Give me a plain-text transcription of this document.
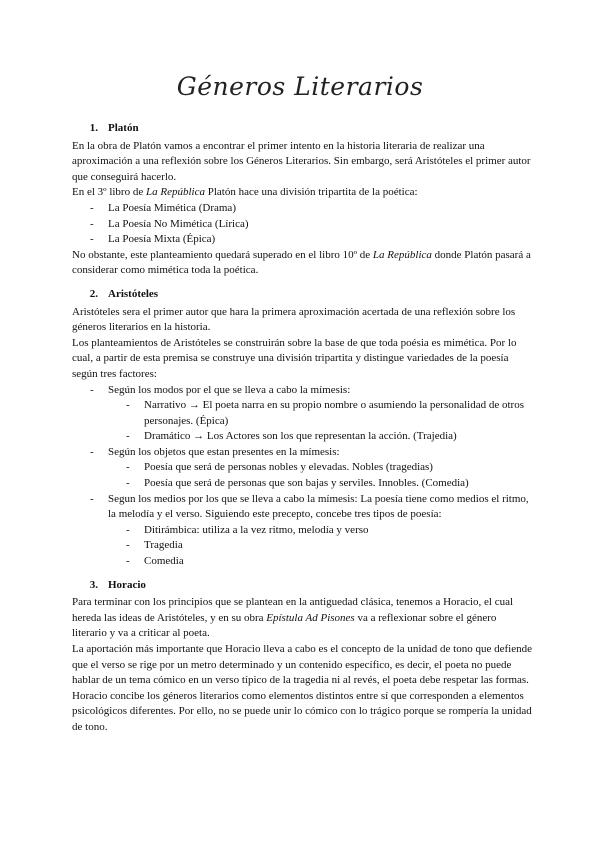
Géneros Literarios
1. Platón

En la obra de Platón vamos a encontrar el primer intento en la historia literaria de realizar una aproximación a una reflexión sobre los Géneros Literarios. Sin embargo, será Aristóteles el primer autor que conseguirá hacerlo.

En el 3º libro de La República Platón hace una división tripartita de la poética:

-	La Poesía Mimética (Drama)
-	La Poesía No Mimética (Lírica)
-	La Poesía Mixta (Épica)

No obstante, este planteamiento quedará superado en el libro 10º de La República donde Platón pasará a considerar como mimética toda la poética.

2. Aristóteles

Aristóteles sera el primer autor que hara la primera aproximación acertada de una reflexión sobre los géneros literarios en la historia.

Los planteamientos de Aristóteles se construirán sobre la base de que toda poésia es mimética. Por lo cual, a partir de esta premisa se construye una división tripartita y distingue variedades de la poesía según tres factores:

-	Según los modos por el que se lleva a cabo la mímesis:
-	Narrativo → El poeta narra en su propio nombre o asumiendo la personalidad de otros personajes. (Épica)
-	Dramático → Los Actores son los que representan la acción. (Trajedia)
-	Según los objetos que estan presentes en la mímesis:
-	Poesía que será de personas nobles y elevadas. Nobles (tragedias)
-	Poesía que será de personas que son bajas y serviles. Innobles. (Comedia)
-	Segun los medios por los que se lleva a cabo la mímesis: La poesía tiene como medios el ritmo, la melodía y el verso. Siguiendo este precepto, concebe tres tipos de poesía:
-	Ditirámbica: utiliza a la vez ritmo, melodía y verso
-	Tragedia
-	Comedia
3. Horacio

Para terminar con los principios que se plantean en la antiguedad clásica, tenemos a Horacio, el cual hereda las ideas de Aristóteles, y en su obra Epístula Ad Pisones va a reflexionar sobre el género literario y va a criticar al poeta.

La aportación más importante que Horacio lleva a cabo es el concepto de la unidad de tono que defiende que el verso se rige por un metro determinado y un contenido específico, es decir, el poeta no puede hablar de un tema cómico en un verso típico de la tragedia ni al revés, el poeta debe respetar las formas. Horacio concibe los géneros literarios como elementos distintos entre sí que corresponden a elementos psicológicos diferentes. Por ello, no se puede unir lo cómico con lo trágico porque se rompería la unidad de tono.
